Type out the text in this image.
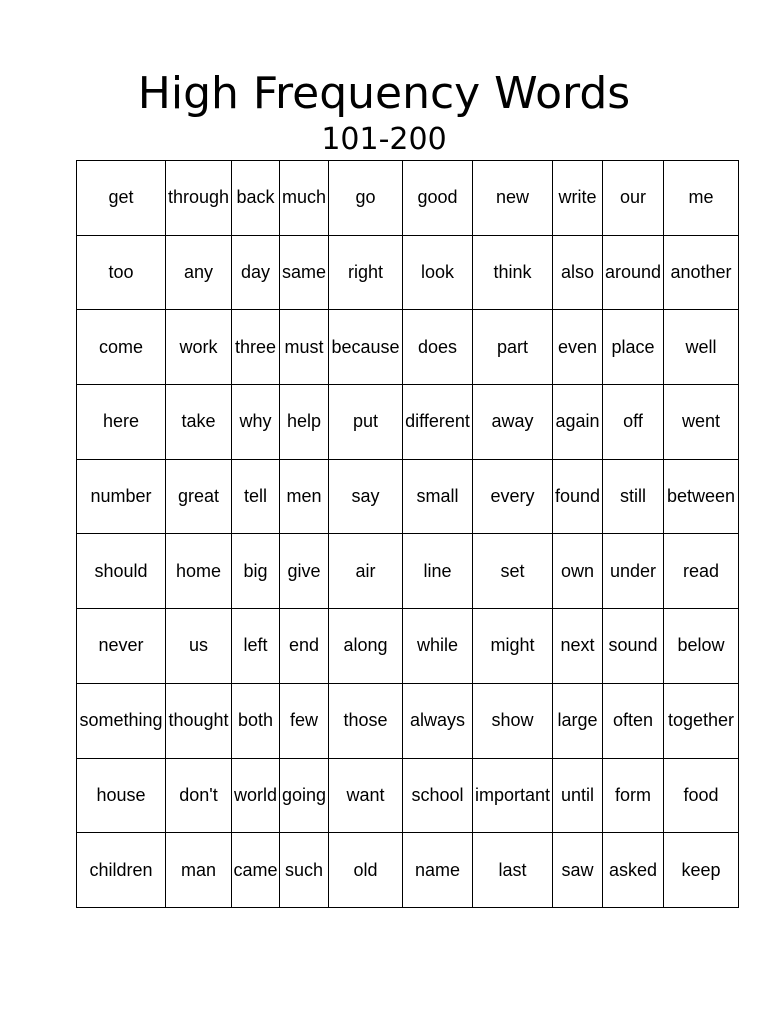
High Frequency Words
101-200
get	through	back	much	go	good	new	write	our	me
too	any	day	same	right	look	think	also	around	another
come	work	three	must	because	does	part	even	place	well
here	take	why	help	put	different	away	again	off	went
number	great	tell	men	say	small	every	found	still	between
should	home	big	give	air	line	set	own	under	read
never	us	left	end	along	while	might	next	sound	below
something	thought	both	few	those	always	show	large	often	together
house	don't	world	going	want	school	important	until	form	food
children	man	came	such	old	name	last	saw	asked	keep
